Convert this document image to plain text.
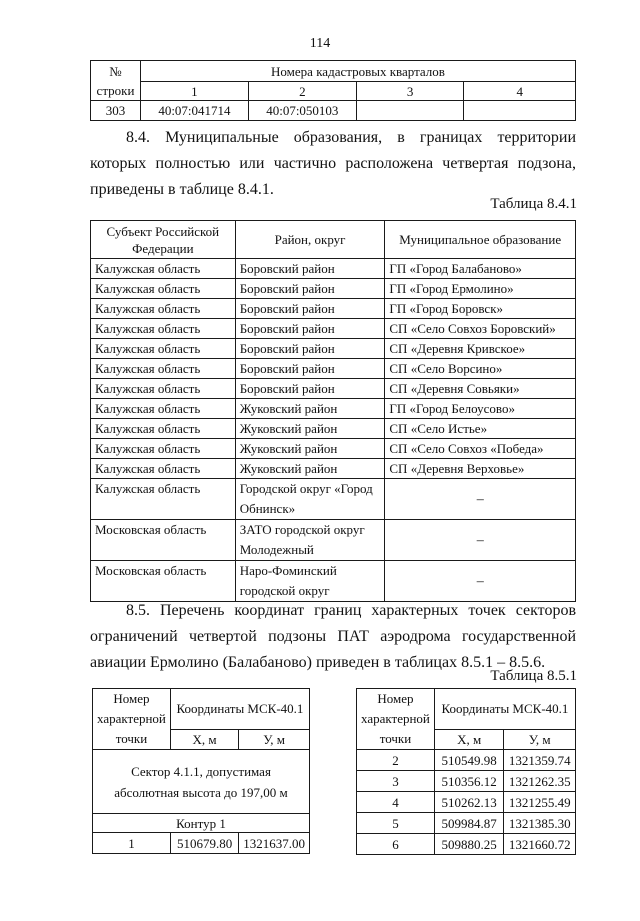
114
№	Номера кадастровых кварталов			
строки	1	2	3	4
303	40:07:041714	40:07:050103		
8.4. Муниципальные образования, в границах территории которых полностью или частично расположена четвертая подзона, приведены в таблице 8.4.1.
Таблица 8.4.1
Субъект Российской Федерации	Район, округ	Муниципальное образование
Калужская область	Боровский район	ГП «Город Балабаново»
Калужская область	Боровский район	ГП «Город Ермолино»
Калужская область	Боровский район	ГП «Город Боровск»
Калужская область	Боровский район	СП «Село Совхоз Боровский»
Калужская область	Боровский район	СП «Деревня Кривское»
Калужская область	Боровский район	СП «Село Ворсино»
Калужская область	Боровский район	СП «Деревня Совьяки»
Калужская область	Жуковский район	ГП «Город Белоусово»
Калужская область	Жуковский район	СП «Село Истье»
Калужская область	Жуковский район	СП «Село Совхоз «Победа»
Калужская область	Жуковский район	СП «Деревня Верховье»
Калужская область	Городской округ «Город Обнинск»	–
Московская область	ЗАТО городской округ Молодежный	–
Московская область	Наро-Фоминский городской округ	–
8.5. Перечень координат границ характерных точек секторов ограничений четвертой подзоны ПАТ аэродрома государственной авиации Ермолино (Балабаново) приведен в таблицах 8.5.1 – 8.5.6.
Таблица 8.5.1
Номер характерной точки	Координаты МСК-40.1	
	Х, м	У, м
Сектор 4.1.1, допустимая абсолютная высота до 197,00 м		
Контур 1		
1	510679.80	1321637.00
Номер характерной точки	Координаты МСК-40.1	
	Х, м	У, м
2	510549.98	1321359.74
3	510356.12	1321262.35
4	510262.13	1321255.49
5	509984.87	1321385.30
6	509880.25	1321660.72
